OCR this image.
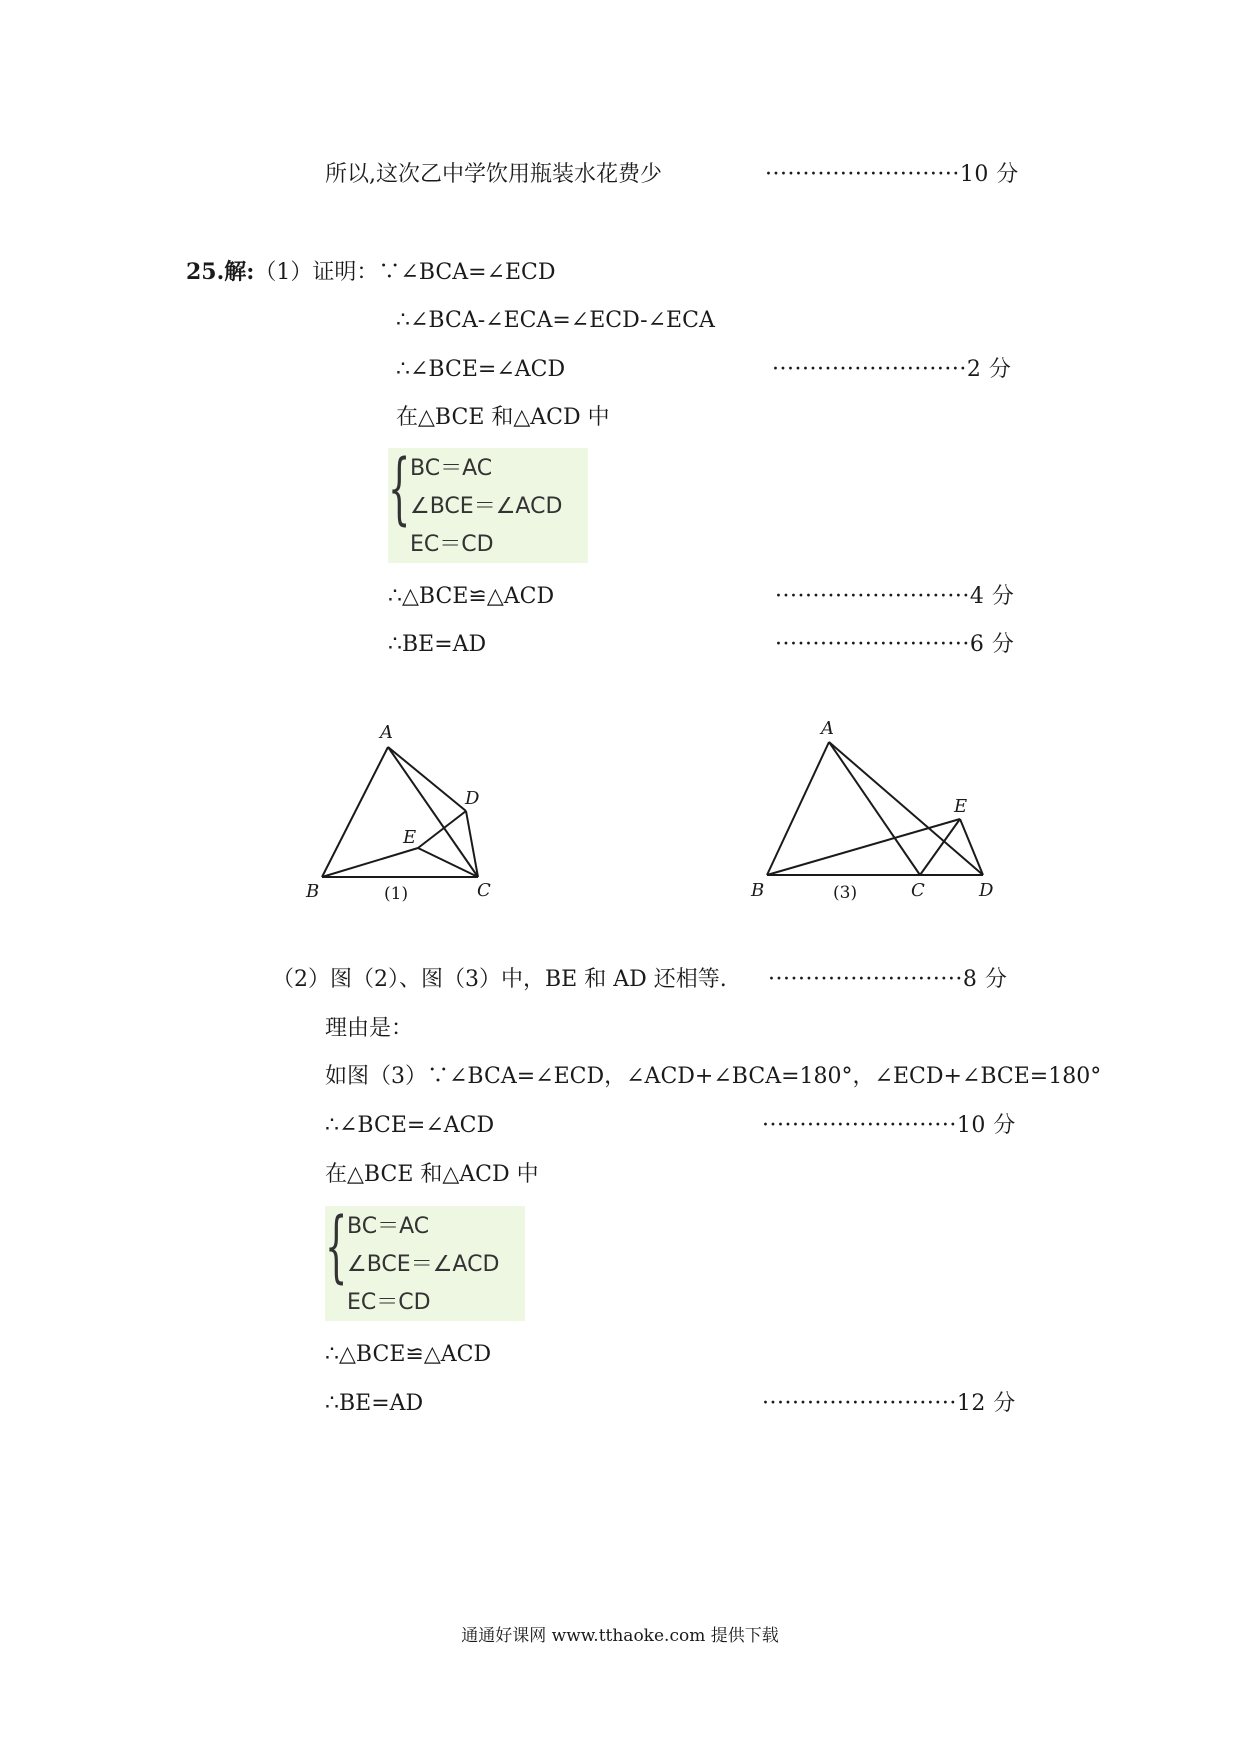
所以,这次乙中学饮用瓶装水花费少	··························10 分
25.解:（1）证明：∵∠BCA=∠ECD
∴∠BCA-∠ECA=∠ECD-∠ECA
∴∠BCE=∠ACD	··························2 分
在△BCE 和△ACD 中
{ BC＝AC
∠BCE＝∠ACD
EC＝CD
∴△BCE≌△ACD	··························4 分
∴BE=AD	··························6 分
A
B	C
D
E
(1)
A
B	C	D
E
(3)
（2）图（2）、图（3）中，BE 和 AD 还相等. ··························8 分
理由是：
如图（3）∵∠BCA=∠ECD，∠ACD+∠BCA=180°，∠ECD+∠BCE=180°
∴∠BCE=∠ACD	··························10 分
在△BCE 和△ACD 中
{ BC＝AC
∠BCE＝∠ACD
EC＝CD
∴△BCE≌△ACD
∴BE=AD	··························12 分
通通好课网 www.tthaoke.com 提供下载
